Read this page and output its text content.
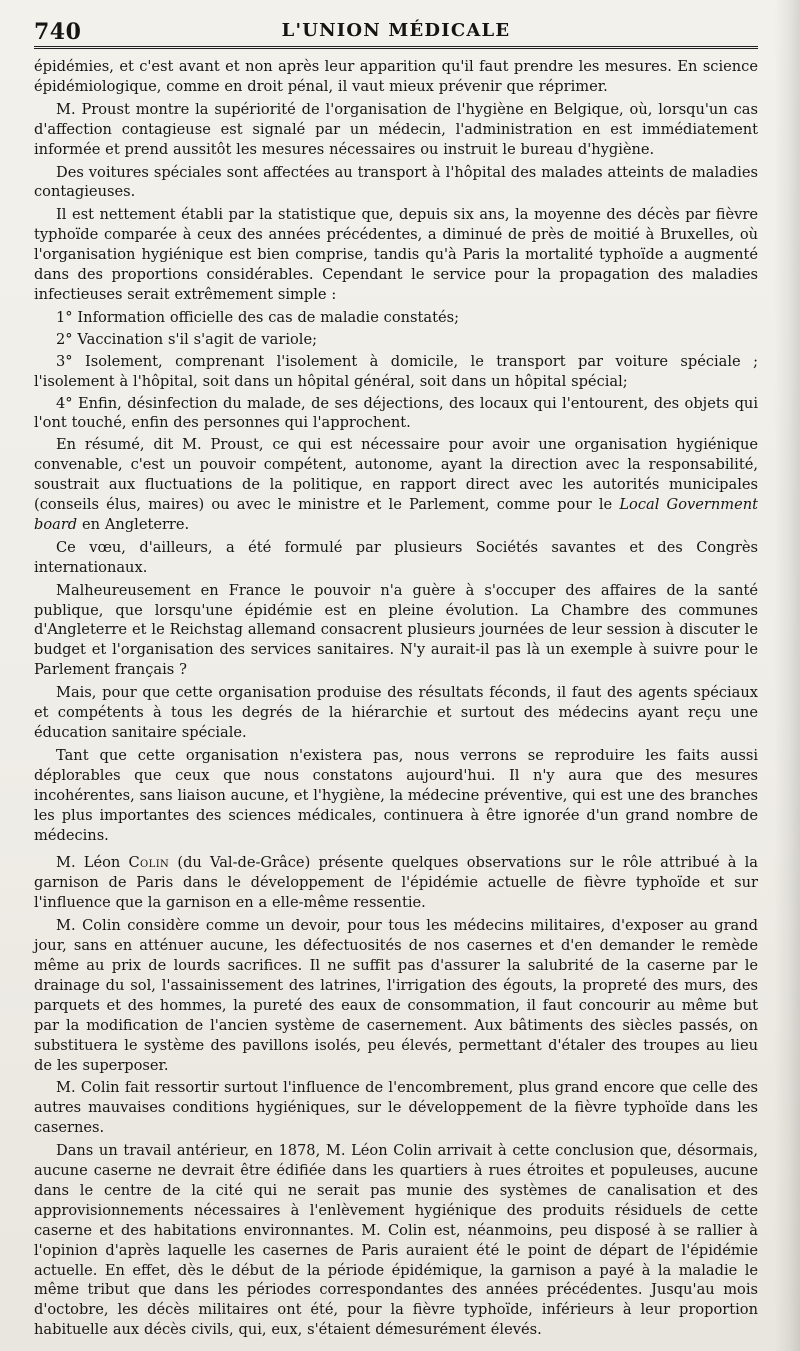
740	L'UNION MÉDICALE

épidémies, et c'est avant et non après leur apparition qu'il faut prendre les mesures. En science épidémiologique, comme en droit pénal, il vaut mieux prévenir que réprimer.

M. Proust montre la supériorité de l'organisation de l'hygiène en Belgique, où, lorsqu'un cas d'affection contagieuse est signalé par un médecin, l'administration en est immédiatement informée et prend aussitôt les mesures nécessaires ou instruit le bureau d'hygiène.

Des voitures spéciales sont affectées au transport à l'hôpital des malades atteints de maladies contagieuses.

Il est nettement établi par la statistique que, depuis six ans, la moyenne des décès par fièvre typhoïde comparée à ceux des années précédentes, a diminué de près de moitié à Bruxelles, où l'organisation hygiénique est bien comprise, tandis qu'à Paris la mortalité typhoïde a augmenté dans des proportions considérables. Cependant le service pour la propagation des maladies infectieuses serait extrêmement simple :

1° Information officielle des cas de maladie constatés;

2° Vaccination s'il s'agit de variole;

3° Isolement, comprenant l'isolement à domicile, le transport par voiture spéciale ; l'isolement à l'hôpital, soit dans un hôpital général, soit dans un hôpital spécial;

4° Enfin, désinfection du malade, de ses déjections, des locaux qui l'entourent, des objets qui l'ont touché, enfin des personnes qui l'approchent.

En résumé, dit M. Proust, ce qui est nécessaire pour avoir une organisation hygiénique convenable, c'est un pouvoir compétent, autonome, ayant la direction avec la responsabilité, soustrait aux fluctuations de la politique, en rapport direct avec les autorités municipales (conseils élus, maires) ou avec le ministre et le Parlement, comme pour le Local Government board en Angleterre.

Ce vœu, d'ailleurs, a été formulé par plusieurs Sociétés savantes et des Congrès internationaux.

Malheureusement en France le pouvoir n'a guère à s'occuper des affaires de la santé publique, que lorsqu'une épidémie est en pleine évolution. La Chambre des communes d'Angleterre et le Reichstag allemand consacrent plusieurs journées de leur session à discuter le budget et l'organisation des services sanitaires. N'y aurait-il pas là un exemple à suivre pour le Parlement français ?

Mais, pour que cette organisation produise des résultats féconds, il faut des agents spéciaux et compétents à tous les degrés de la hiérarchie et surtout des médecins ayant reçu une éducation sanitaire spéciale.

Tant que cette organisation n'existera pas, nous verrons se reproduire les faits aussi déplorables que ceux que nous constatons aujourd'hui. Il n'y aura que des mesures incohérentes, sans liaison aucune, et l'hygiène, la médecine préventive, qui est une des branches les plus importantes des sciences médicales, continuera à être ignorée d'un grand nombre de médecins.

M. Léon Colin (du Val-de-Grâce) présente quelques observations sur le rôle attribué à la garnison de Paris dans le développement de l'épidémie actuelle de fièvre typhoïde et sur l'influence que la garnison en a elle-même ressentie.

M. Colin considère comme un devoir, pour tous les médecins militaires, d'exposer au grand jour, sans en atténuer aucune, les défectuosités de nos casernes et d'en demander le remède même au prix de lourds sacrifices. Il ne suffit pas d'assurer la salubrité de la caserne par le drainage du sol, l'assainissement des latrines, l'irrigation des égouts, la propreté des murs, des parquets et des hommes, la pureté des eaux de consommation, il faut concourir au même but par la modification de l'ancien système de casernement. Aux bâtiments des siècles passés, on substituera le système des pavillons isolés, peu élevés, permettant d'étaler des troupes au lieu de les superposer.

M. Colin fait ressortir surtout l'influence de l'encombrement, plus grand encore que celle des autres mauvaises conditions hygiéniques, sur le développement de la fièvre typhoïde dans les casernes.

Dans un travail antérieur, en 1878, M. Léon Colin arrivait à cette conclusion que, désormais, aucune caserne ne devrait être édifiée dans les quartiers à rues étroites et populeuses, aucune dans le centre de la cité qui ne serait pas munie des systèmes de canalisation et des approvisionnements nécessaires à l'enlèvement hygiénique des produits résiduels de cette caserne et des habitations environnantes. M. Colin est, néanmoins, peu disposé à se rallier à l'opinion d'après laquelle les casernes de Paris auraient été le point de départ de l'épidémie actuelle. En effet, dès le début de la période épidémique, la garnison a payé à la maladie le même tribut que dans les périodes correspondantes des années précédentes. Jusqu'au mois d'octobre, les décès militaires ont été, pour la fièvre typhoïde, inférieurs à leur proportion habituelle aux décès civils, qui, eux, s'étaient démesurément élevés.
